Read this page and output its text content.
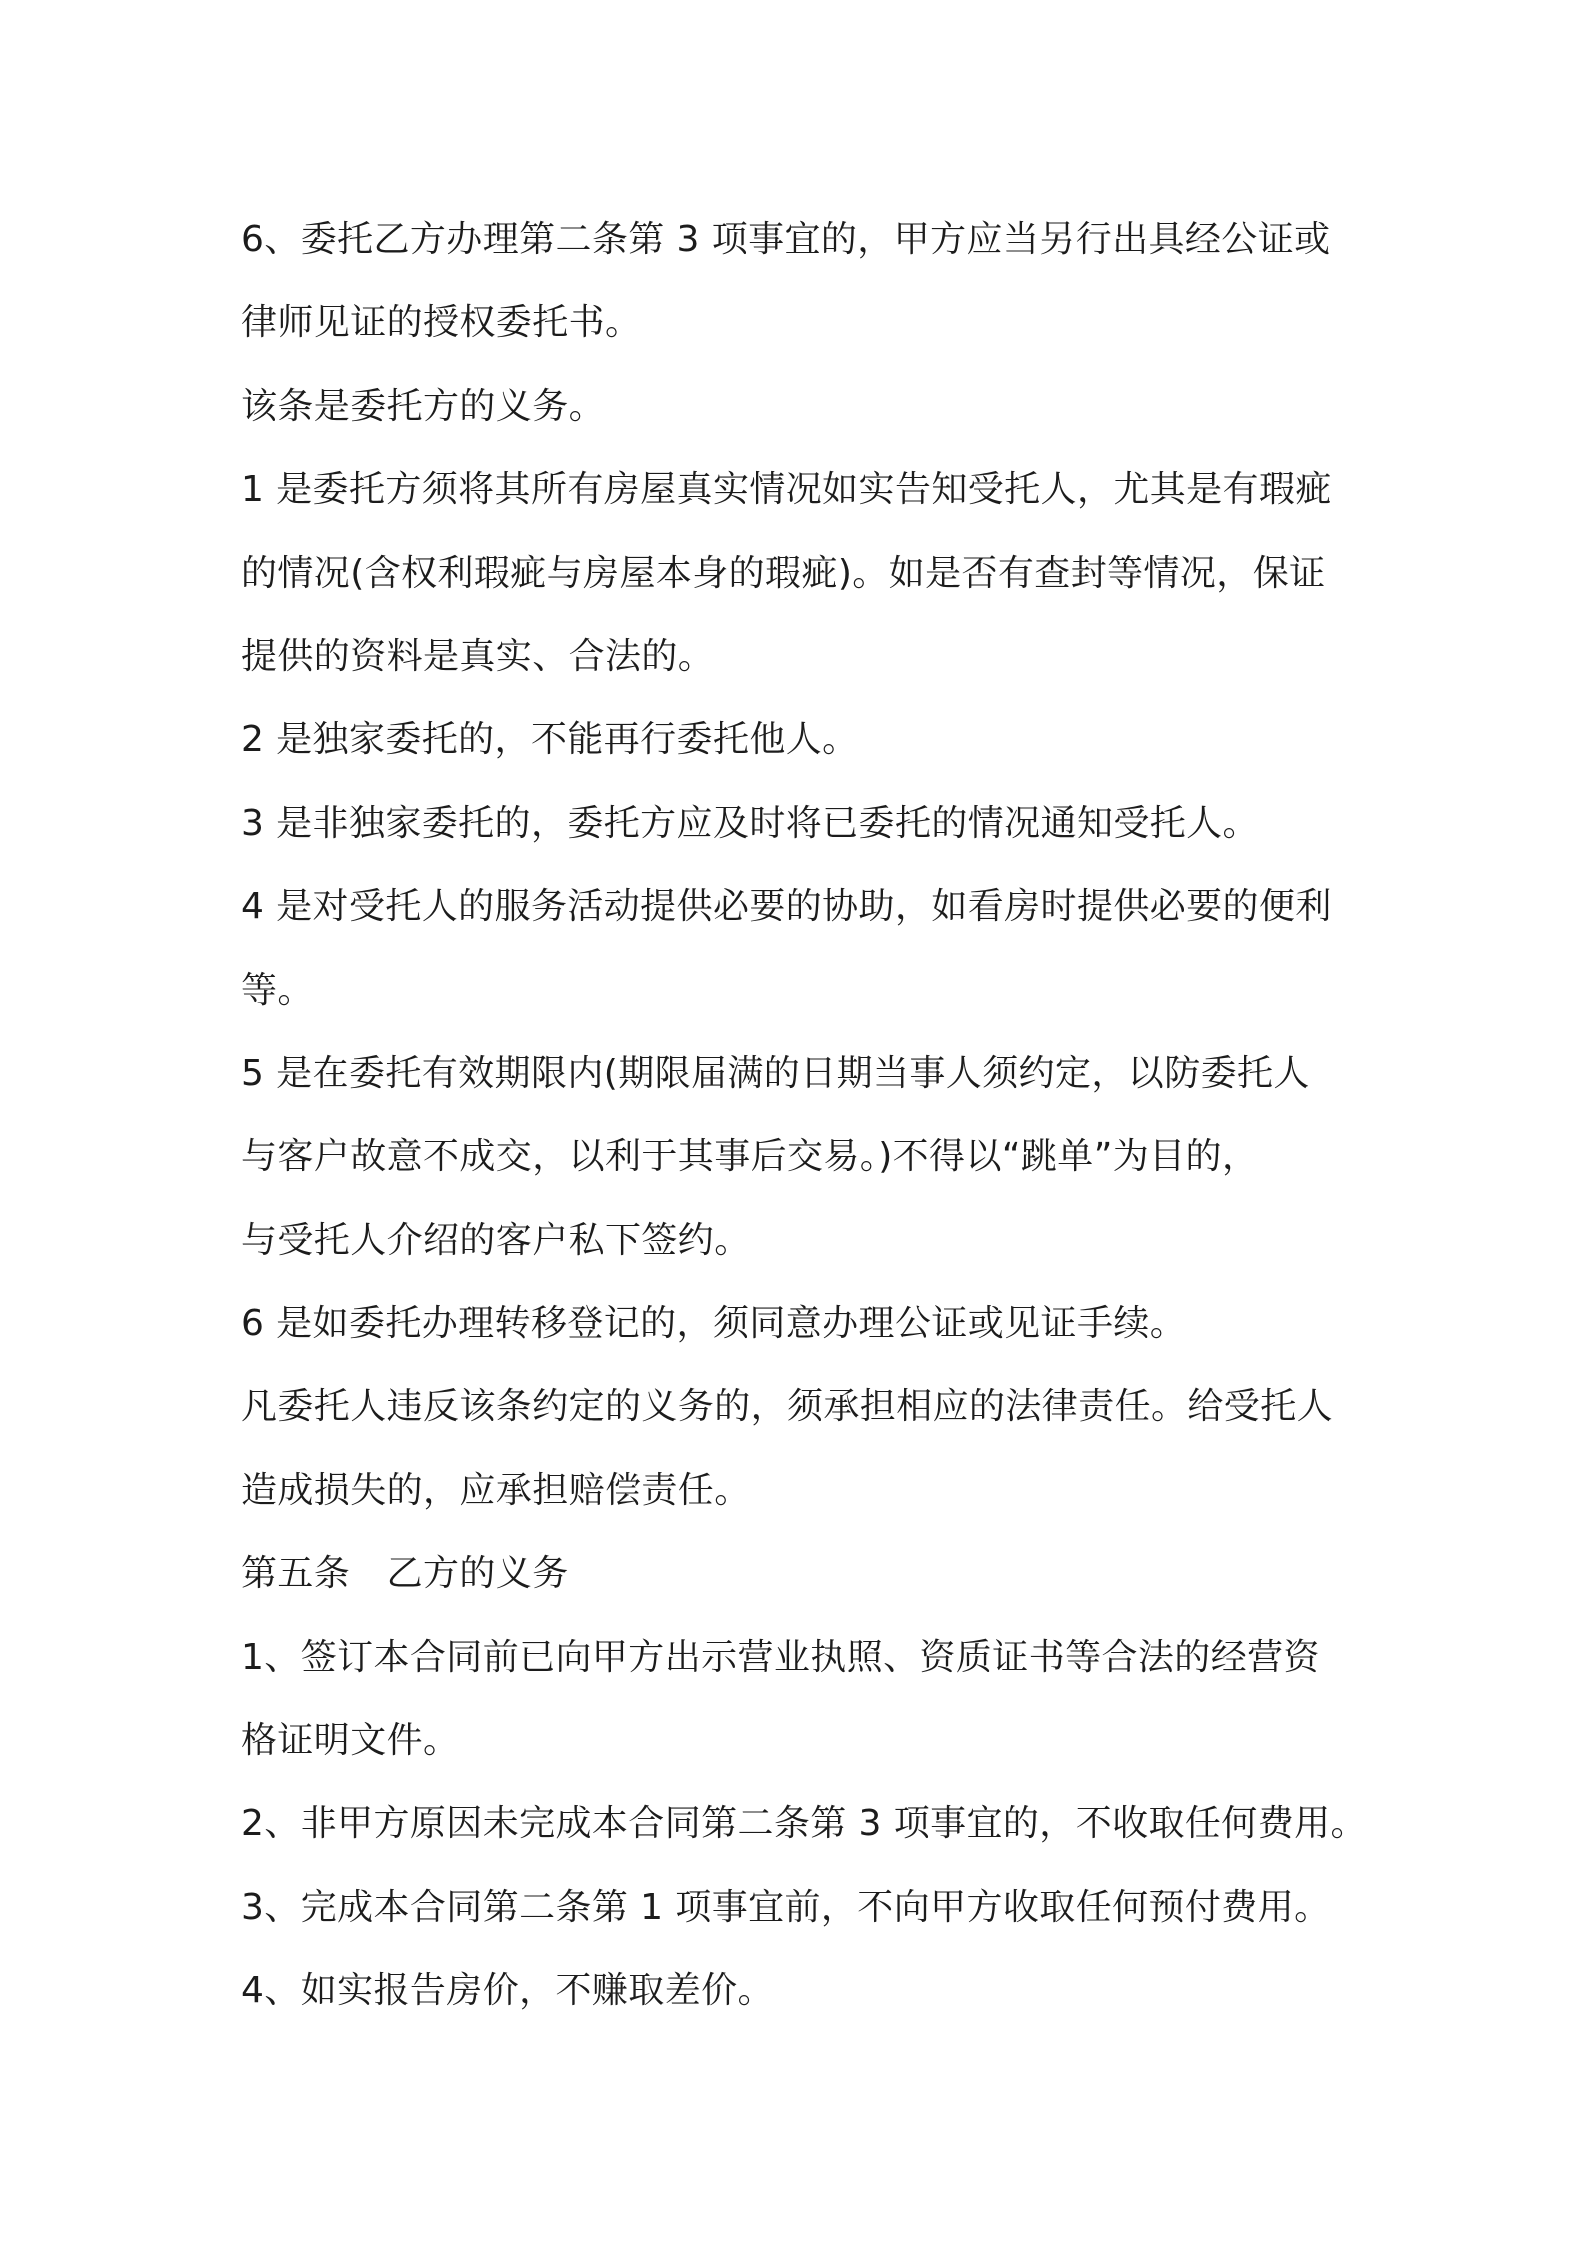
6、委托乙方办理第二条第 3 项事宜的，甲方应当另行出具经公证或
律师见证的授权委托书。
该条是委托方的义务。
1 是委托方须将其所有房屋真实情况如实告知受托人，尤其是有瑕疵
的情况(含权利瑕疵与房屋本身的瑕疵)。如是否有查封等情况，保证
提供的资料是真实、合法的。
2 是独家委托的，不能再行委托他人。
3 是非独家委托的，委托方应及时将已委托的情况通知受托人。
4 是对受托人的服务活动提供必要的协助，如看房时提供必要的便利
等。
5 是在委托有效期限内(期限届满的日期当事人须约定，以防委托人
与客户故意不成交，以利于其事后交易。)不得以“跳单”为目的，
与受托人介绍的客户私下签约。
6 是如委托办理转移登记的，须同意办理公证或见证手续。
凡委托人违反该条约定的义务的，须承担相应的法律责任。给受托人
造成损失的，应承担赔偿责任。
第五条　乙方的义务
1、签订本合同前已向甲方出示营业执照、资质证书等合法的经营资
格证明文件。
2、非甲方原因未完成本合同第二条第 3 项事宜的，不收取任何费用。
3、完成本合同第二条第 1 项事宜前，不向甲方收取任何预付费用。
4、如实报告房价，不赚取差价。
